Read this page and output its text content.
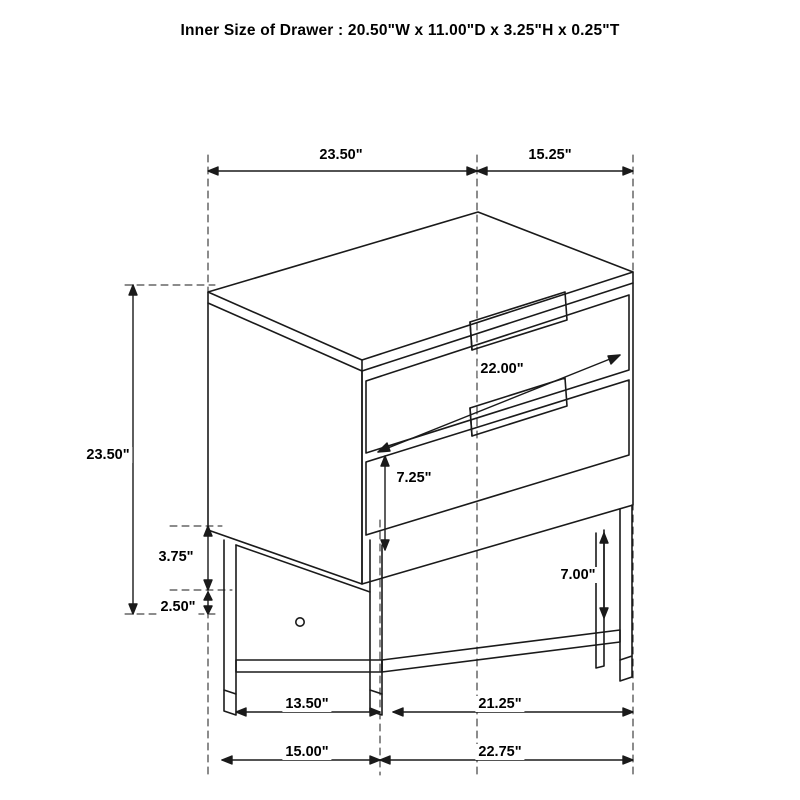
Inner Size of Drawer : 20.50"W x 11.00"D x 3.25"H x 0.25"T
23.50"	15.25"
23.50"
22.00"
3.75"
2.50"
7.25"
7.00"
13.50"	21.25"
15.00"	22.75"
